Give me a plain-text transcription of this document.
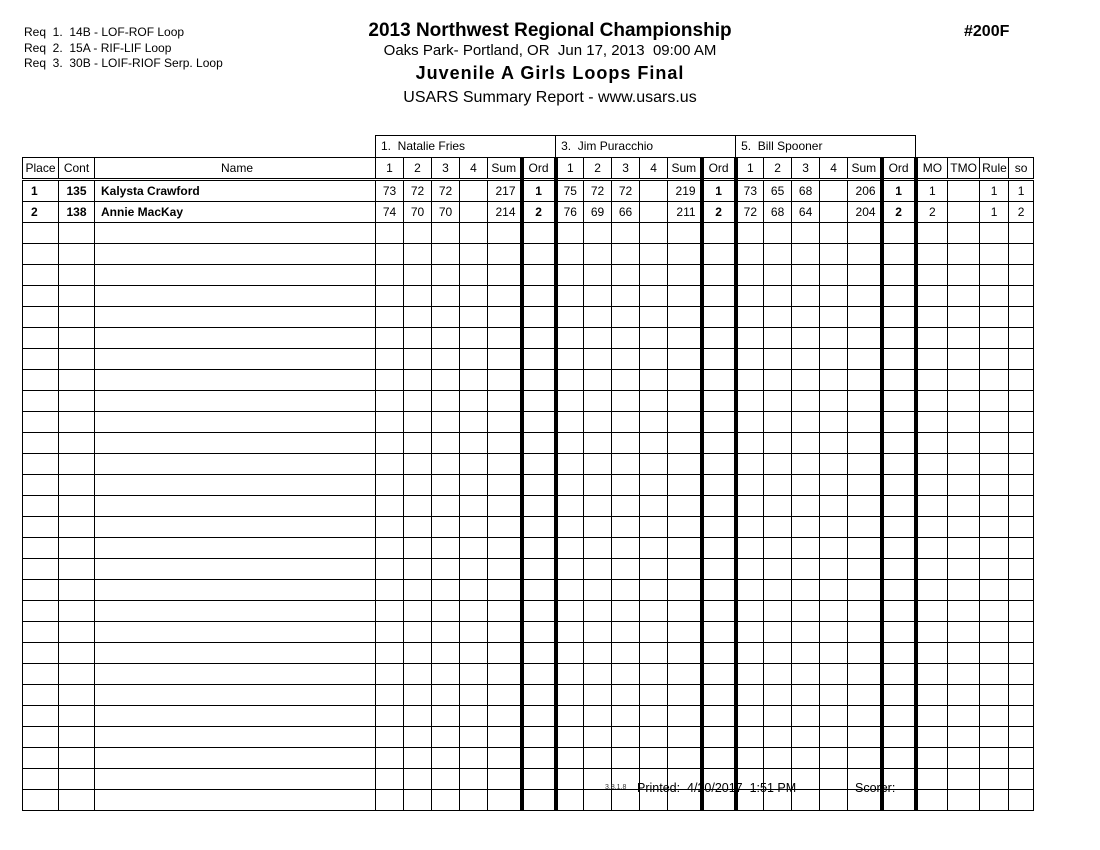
Req  1.  14B - LOF-ROF Loop
Req  2.  15A - RIF-LIF Loop
Req  3.  30B - LOIF-RIOF Serp. Loop
2013 Northwest Regional Championship
Oaks Park- Portland, OR  Jun 17, 2013  09:00 AM
Juvenile A Girls Loops Final
USARS Summary Report - www.usars.us
#200F
			1.  Natalie Fries						3.  Jim Puracchio						5.  Bill Spooner									
Place	Cont	Name	1	2	3	4	Sum	Ord	1	2	3	4	Sum	Ord	1	2	3	4	Sum	Ord	MO	TMO	Rule	so
1	135	Kalysta Crawford	73	72	72		217	1	75	72	72		219	1	73	65	68		206	1	1		1	1
2	138	Annie MacKay	74	70	70		214	2	76	69	66		211	2	72	68	64		204	2	2		1	2

3.8.1.8 Printed:  4/20/2017  1:51 PM	Scorer:
